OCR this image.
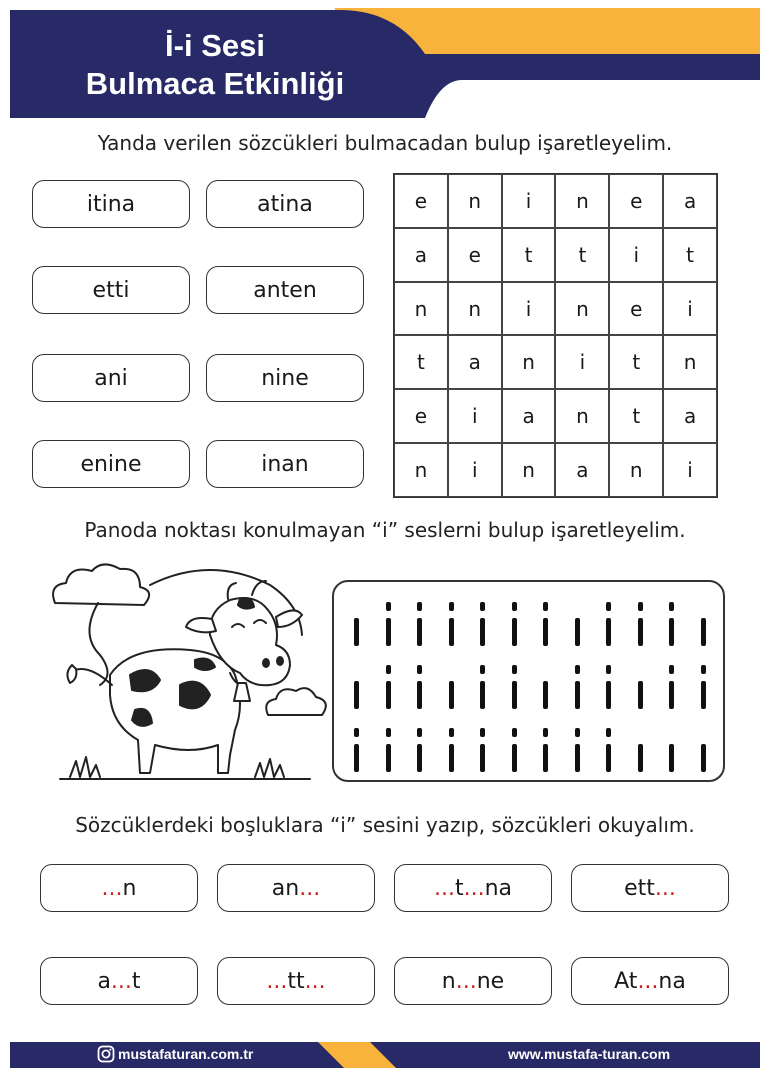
İ-i Sesi
Bulmaca Etkinliği
Yanda verilen sözcükleri bulmacadan bulup işaretleyelim.
itina	atina
etti	anten
ani	nine
enine	inan
e	n	i	n	e	a
a	e	t	t	i	t
n	n	i	n	e	i
t	a	n	i	t	n
e	i	a	n	t	a
n	i	n	a	n	i
Panoda noktası konulmayan “i” seslerni bulup işaretleyelim.
Sözcüklerdeki boşluklara “i” sesini yazıp, sözcükleri okuyalım.
... n	an ...	... t ... na	ett ...
a ... t	... tt ...	n ... ne	At ... na
mustafaturan.com.tr	www.mustafa-turan.com
